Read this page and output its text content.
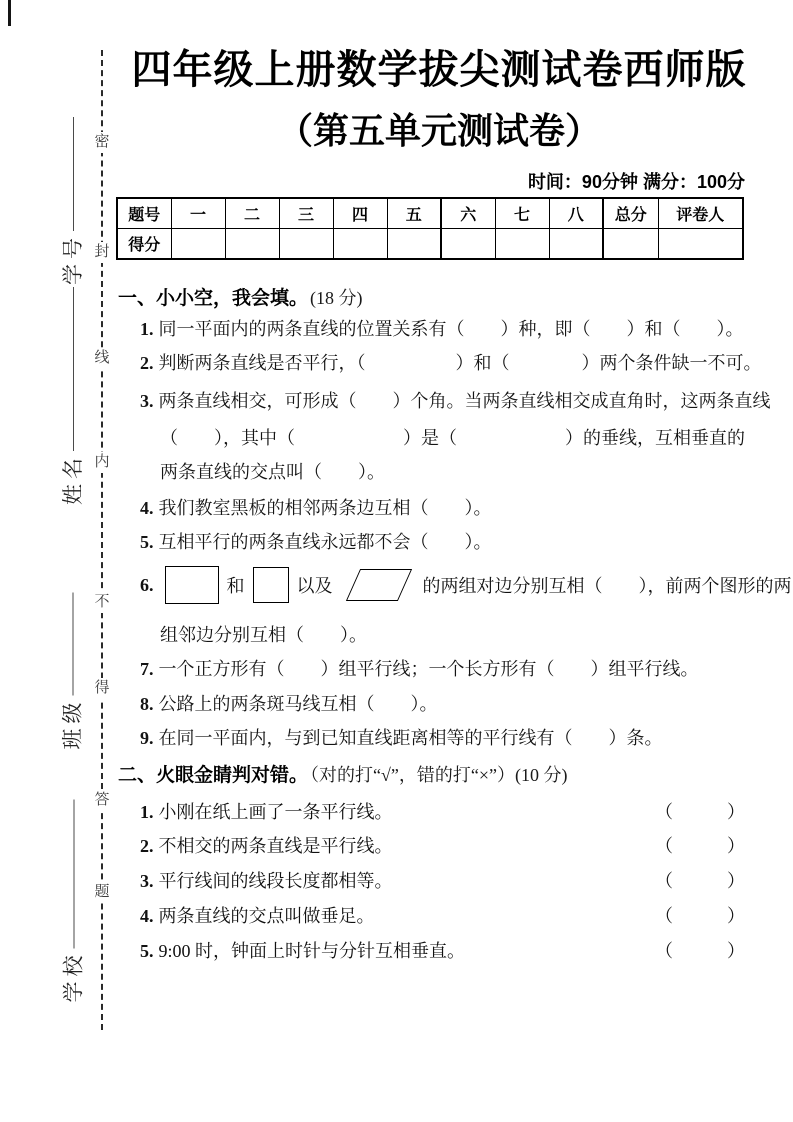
密
封
线
内
不
得
答
题
学号
姓名
班级
学校
四年级上册数学拔尖测试卷西师版
（第五单元测试卷）
时间：90分钟 满分：100分
题号	一	二	三	四	五	六	七	八	总分	评卷人
得分										
一、小小空，我会填。 (18 分)
1. 同一平面内的两条直线的位置关系有（　　）种，即（　　）和（　　）。
2. 判断两条直线是否平行，（　　　　　）和（　　　　）两个条件缺一不可。
3. 两条直线相交，可形成（　　）个角。当两条直线相交成直角时，这两条直线
（　　），其中（　　　　　　）是（　　　　　　）的垂线，互相垂直的
两条直线的交点叫（　　）。
4. 我们教室黑板的相邻两条边互相（　　）。
5. 互相平行的两条直线永远都不会（　　）。
6.	和	以及	的两组对边分别互相（　　），前两个图形的两
组邻边分别互相（　　）。
7. 一个正方形有（　　）组平行线；一个长方形有（　　）组平行线。
8. 公路上的两条斑马线互相（　　）。
9. 在同一平面内，与到已知直线距离相等的平行线有（　　）条。
二、火眼金睛判对错。 （对的打“√”，错的打“×”）(10 分)
1. 小刚在纸上画了一条平行线。	（　　　）
2. 不相交的两条直线是平行线。	（　　　）
3. 平行线间的线段长度都相等。	（　　　）
4. 两条直线的交点叫做垂足。	（　　　）
5. 9:00 时，钟面上时针与分针互相垂直。	（　　　）
